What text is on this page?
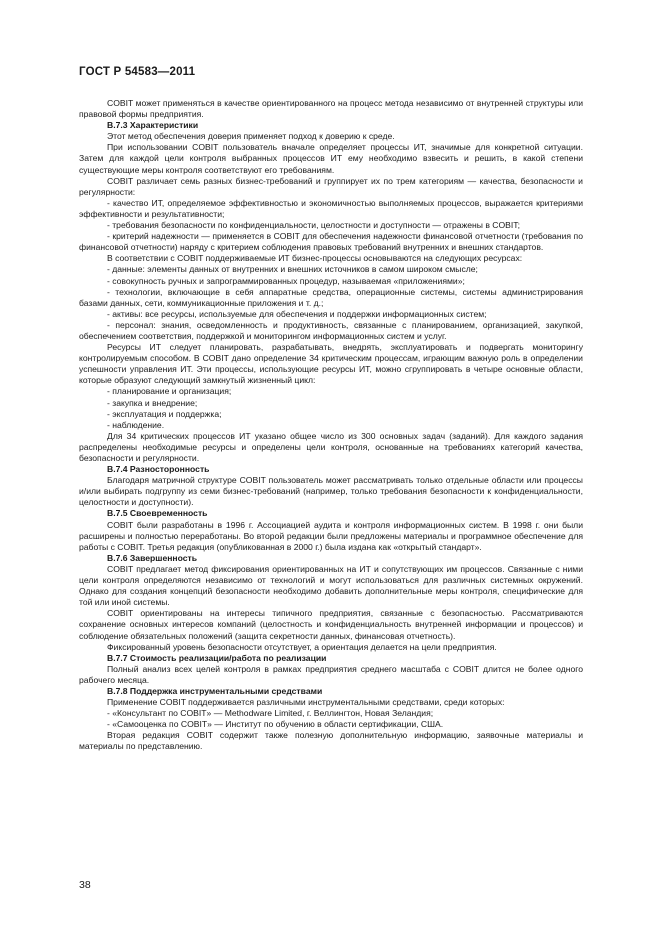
ГОСТ Р 54583—2011

COBIT может применяться в качестве ориентированного на процесс метода независимо от внутренней структуры или правовой формы предприятия.

В.7.3 Характеристики

Этот метод обеспечения доверия применяет подход к доверию к среде.

При использовании COBIT пользователь вначале определяет процессы ИТ, значимые для конкретной ситуации. Затем для каждой цели контроля выбранных процессов ИТ ему необходимо взвесить и решить, в какой степени существующие меры контроля соответствуют его требованиям.

COBIT различает семь разных бизнес-требований и группирует их по трем категориям — качества, безопасности и регулярности:

- качество ИТ, определяемое эффективностью и экономичностью выполняемых процессов, выражается критериями эффективности и результативности;

- требования безопасности по конфиденциальности, целостности и доступности — отражены в COBIT;

- критерий надежности — применяется в COBIT для обеспечения надежности финансовой отчетности (требования по финансовой отчетности) наряду с критерием соблюдения правовых требований внутренних и внешних стандартов.

В соответствии с COBIT поддерживаемые ИТ бизнес-процессы основываются на следующих ресурсах:

- данные: элементы данных от внутренних и внешних источников в самом широком смысле;

- совокупность ручных и запрограммированных процедур, называемая «приложениями»;

- технологии, включающие в себя аппаратные средства, операционные системы, системы администрирования базами данных, сети, коммуникационные приложения и т. д.;

- активы: все ресурсы, используемые для обеспечения и поддержки информационных систем;

- персонал: знания, осведомленность и продуктивность, связанные с планированием, организацией, закупкой, обеспечением соответствия, поддержкой и мониторингом информационных систем и услуг.

Ресурсы ИТ следует планировать, разрабатывать, внедрять, эксплуатировать и подвергать мониторингу контролируемым способом. В COBIT дано определение 34 критическим процессам, играющим важную роль в определении успешности управления ИТ. Эти процессы, использующие ресурсы ИТ, можно сгруппировать в четыре основные области, которые образуют следующий замкнутый жизненный цикл:

- планирование и организация;

- закупка и внедрение;

- эксплуатация и поддержка;

- наблюдение.

Для 34 критических процессов ИТ указано общее число из 300 основных задач (заданий). Для каждого задания распределены необходимые ресурсы и определены цели контроля, основанные на требованиях категорий качества, безопасности и регулярности.

В.7.4 Разносторонность

Благодаря матричной структуре COBIT пользователь может рассматривать только отдельные области или процессы и/или выбирать подгруппу из семи бизнес-требований (например, только требования безопасности к конфиденциальности, целостности и доступности).

В.7.5 Своевременность

COBIT были разработаны в 1996 г. Ассоциацией аудита и контроля информационных систем. В 1998 г. они были расширены и полностью переработаны. Во второй редакции были предложены материалы и программное обеспечение для работы с COBIT. Третья редакция (опубликованная в 2000 г.) была издана как «открытый стандарт».

В.7.6 Завершенность

COBIT предлагает метод фиксирования ориентированных на ИТ и сопутствующих им процессов. Связанные с ними цели контроля определяются независимо от технологий и могут использоваться для различных системных окружений. Однако для создания концепций безопасности необходимо добавить дополнительные меры контроля, специфические для той или иной системы.

COBIT ориентированы на интересы типичного предприятия, связанные с безопасностью. Рассматриваются сохранение основных интересов компаний (целостность и конфиденциальность внутренней информации и процессов) и соблюдение обязательных положений (защита секретности данных, финансовая отчетность).

Фиксированный уровень безопасности отсутствует, а ориентация делается на цели предприятия.

В.7.7 Стоимость реализации/работа по реализации

Полный анализ всех целей контроля в рамках предприятия среднего масштаба с COBIT длится не более одного рабочего месяца.

В.7.8 Поддержка инструментальными средствами

Применение COBIT поддерживается различными инструментальными средствами, среди которых:

- «Консультант по COBIT» — Methodware Limited, г. Веллингтон, Новая Зеландия;

- «Самооценка по COBIT» — Институт по обучению в области сертификации, США.

Вторая редакция COBIT содержит также полезную дополнительную информацию, заявочные материалы и материалы по представлению.

38
